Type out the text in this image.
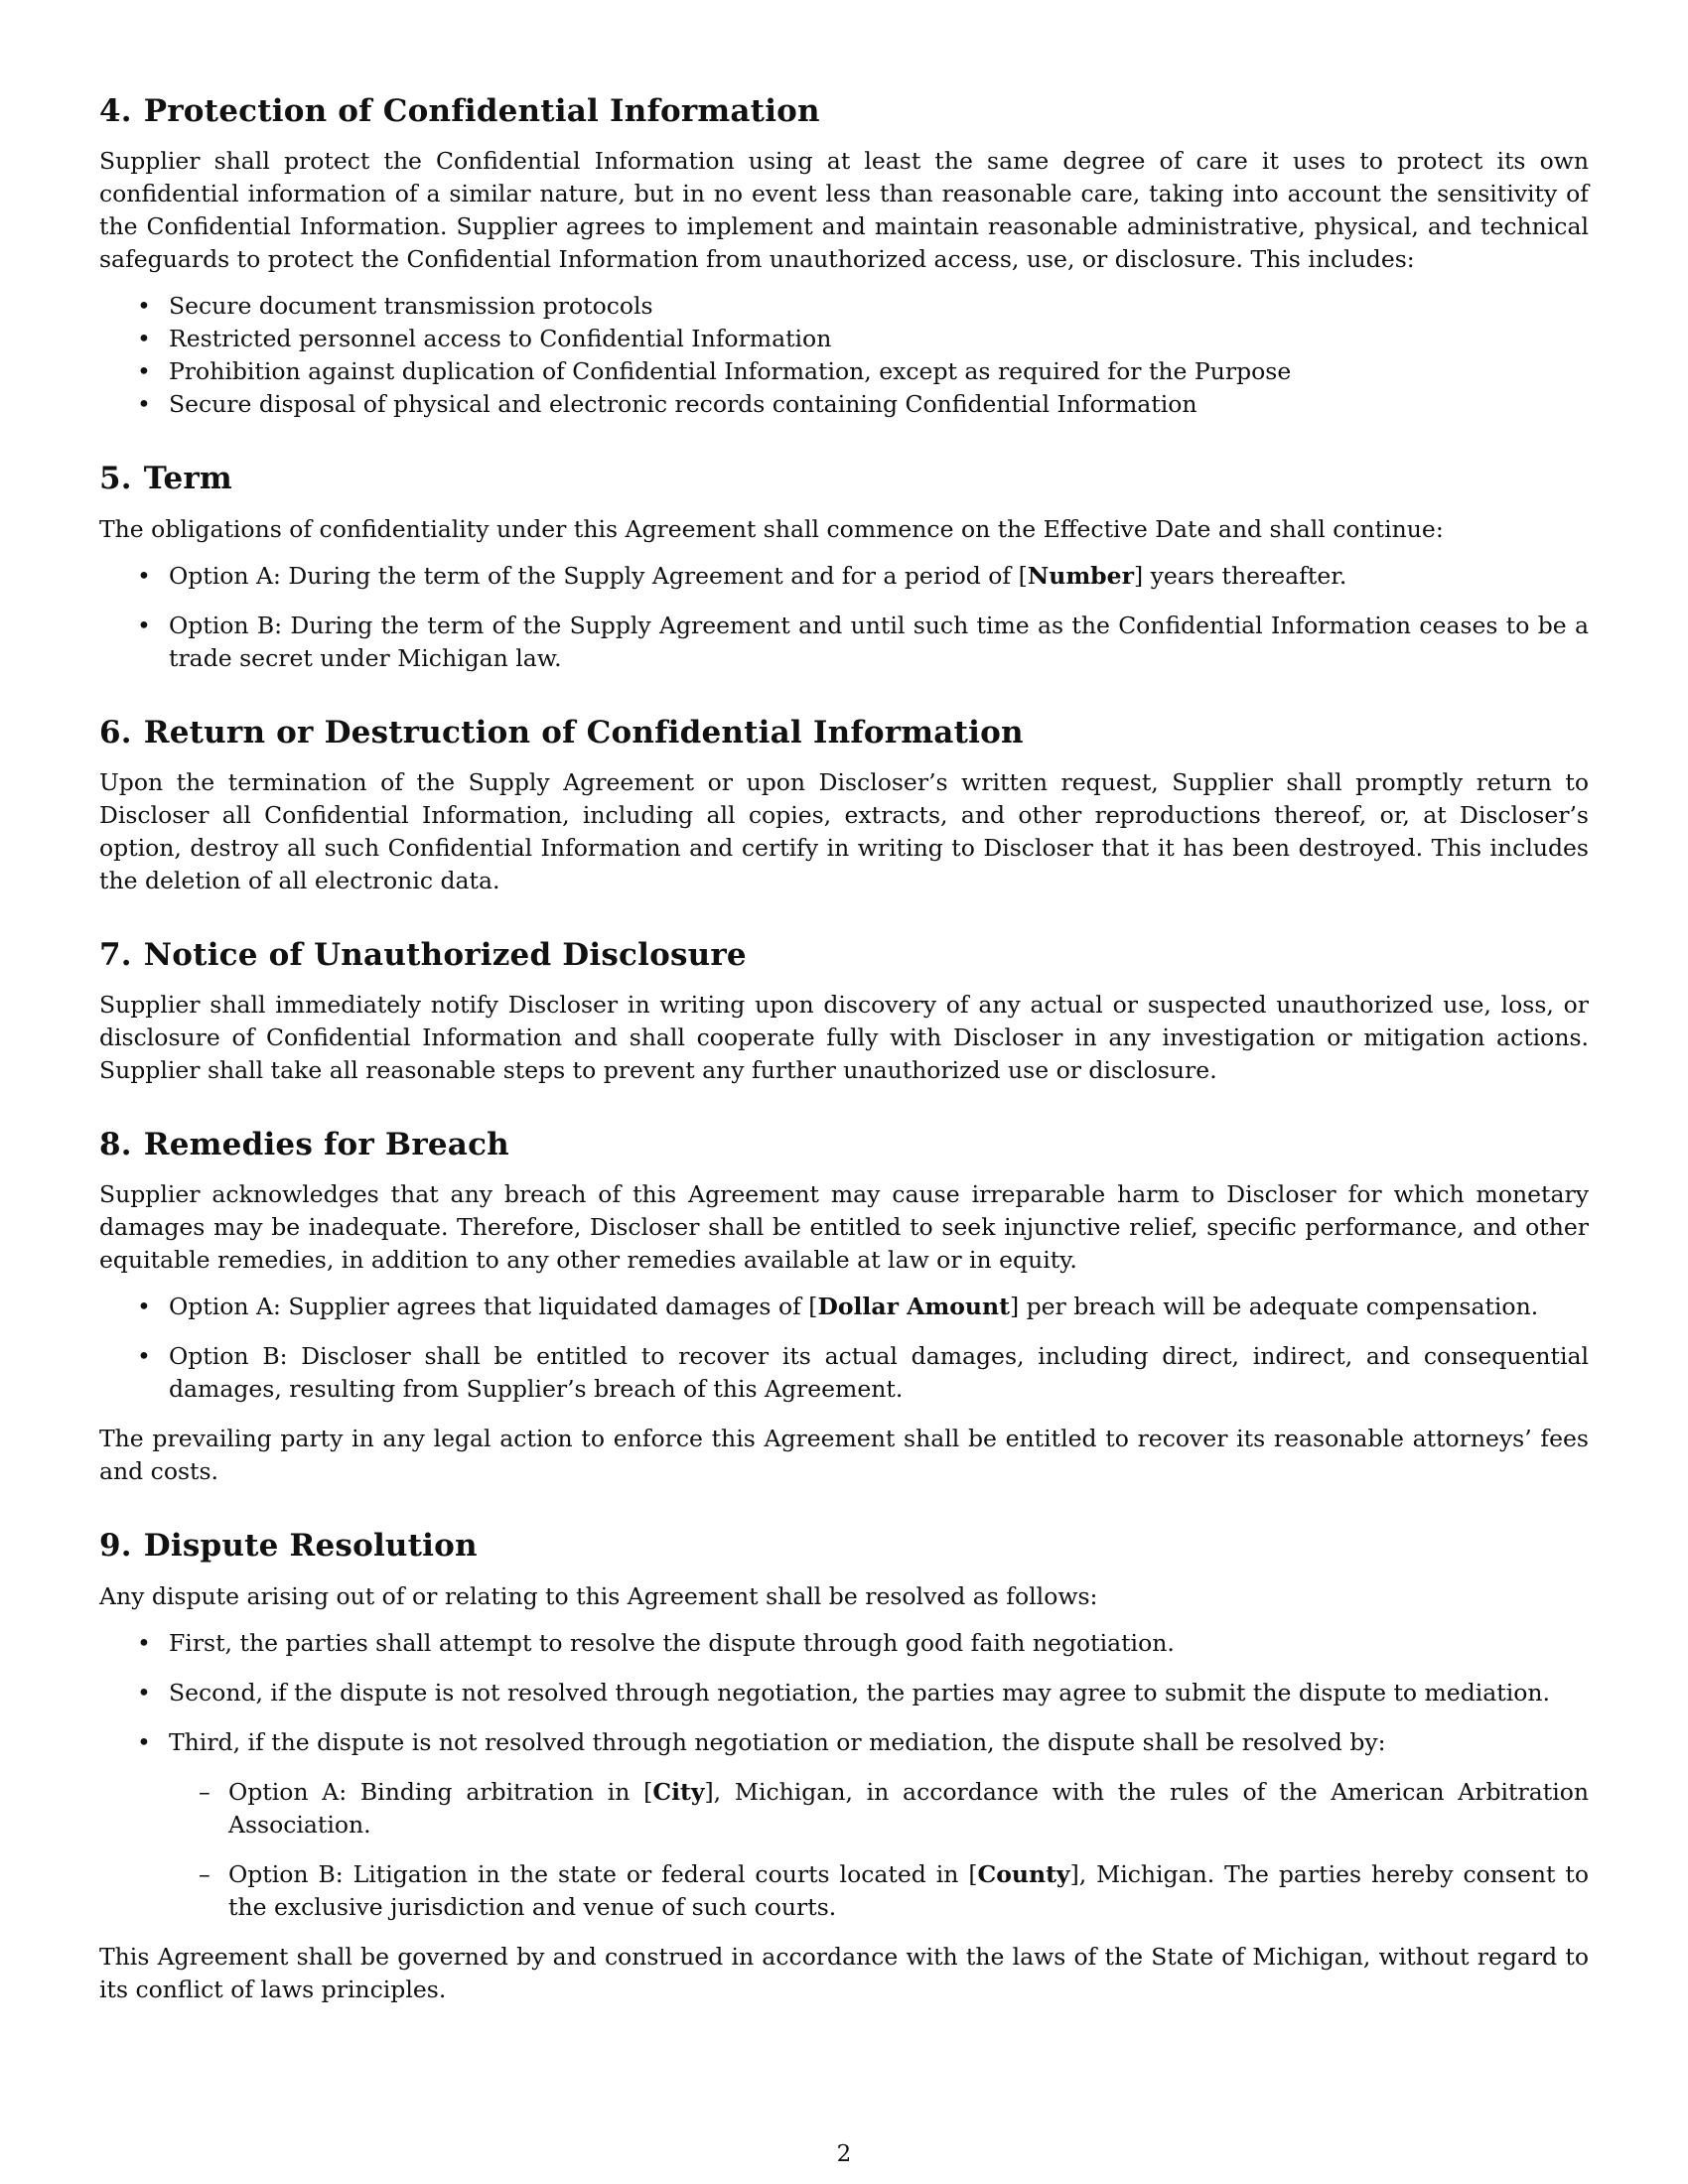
4. Protection of Confidential Information

Supplier shall protect the Confidential Information using at least the same degree of care it uses to protect its own confidential information of a similar nature, but in no event less than reasonable care, taking into account the sensitivity of the Confidential Information. Supplier agrees to implement and maintain reasonable administrative, physical, and technical safeguards to protect the Confidential Information from unauthorized access, use, or disclosure. This includes:

• Secure document transmission protocols
• Restricted personnel access to Confidential Information
• Prohibition against duplication of Confidential Information, except as required for the Purpose
• Secure disposal of physical and electronic records containing Confidential Information
5. Term

The obligations of confidentiality under this Agreement shall commence on the Effective Date and shall continue:

• Option A: During the term of the Supply Agreement and for a period of [Number] years thereafter.
• Option B: During the term of the Supply Agreement and until such time as the Confidential Information ceases to be a trade secret under Michigan law.
6. Return or Destruction of Confidential Information

Upon the termination of the Supply Agreement or upon Discloser’s written request, Supplier shall promptly return to Discloser all Confidential Information, including all copies, extracts, and other reproductions thereof, or, at Discloser’s option, destroy all such Confidential Information and certify in writing to Discloser that it has been destroyed. This includes the deletion of all electronic data.

7. Notice of Unauthorized Disclosure

Supplier shall immediately notify Discloser in writing upon discovery of any actual or suspected unauthorized use, loss, or disclosure of Confidential Information and shall cooperate fully with Discloser in any investigation or mitigation actions. Supplier shall take all reasonable steps to prevent any further unauthorized use or disclosure.

8. Remedies for Breach

Supplier acknowledges that any breach of this Agreement may cause irreparable harm to Discloser for which monetary damages may be inadequate. Therefore, Discloser shall be entitled to seek injunctive relief, specific performance, and other equitable remedies, in addition to any other remedies available at law or in equity.

• Option A: Supplier agrees that liquidated damages of [Dollar Amount] per breach will be adequate compensation.
• Option B: Discloser shall be entitled to recover its actual damages, including direct, indirect, and consequential damages, resulting from Supplier’s breach of this Agreement.

The prevailing party in any legal action to enforce this Agreement shall be entitled to recover its reasonable attorneys’ fees and costs.

9. Dispute Resolution

Any dispute arising out of or relating to this Agreement shall be resolved as follows:

• First, the parties shall attempt to resolve the dispute through good faith negotiation.
• Second, if the dispute is not resolved through negotiation, the parties may agree to submit the dispute to mediation.
• Third, if the dispute is not resolved through negotiation or mediation, the dispute shall be resolved by:
– Option A: Binding arbitration in [City], Michigan, in accordance with the rules of the American Arbitration Association.
– Option B: Litigation in the state or federal courts located in [County], Michigan. The parties hereby consent to the exclusive jurisdiction and venue of such courts.

This Agreement shall be governed by and construed in accordance with the laws of the State of Michigan, without regard to its conflict of laws principles.

2
